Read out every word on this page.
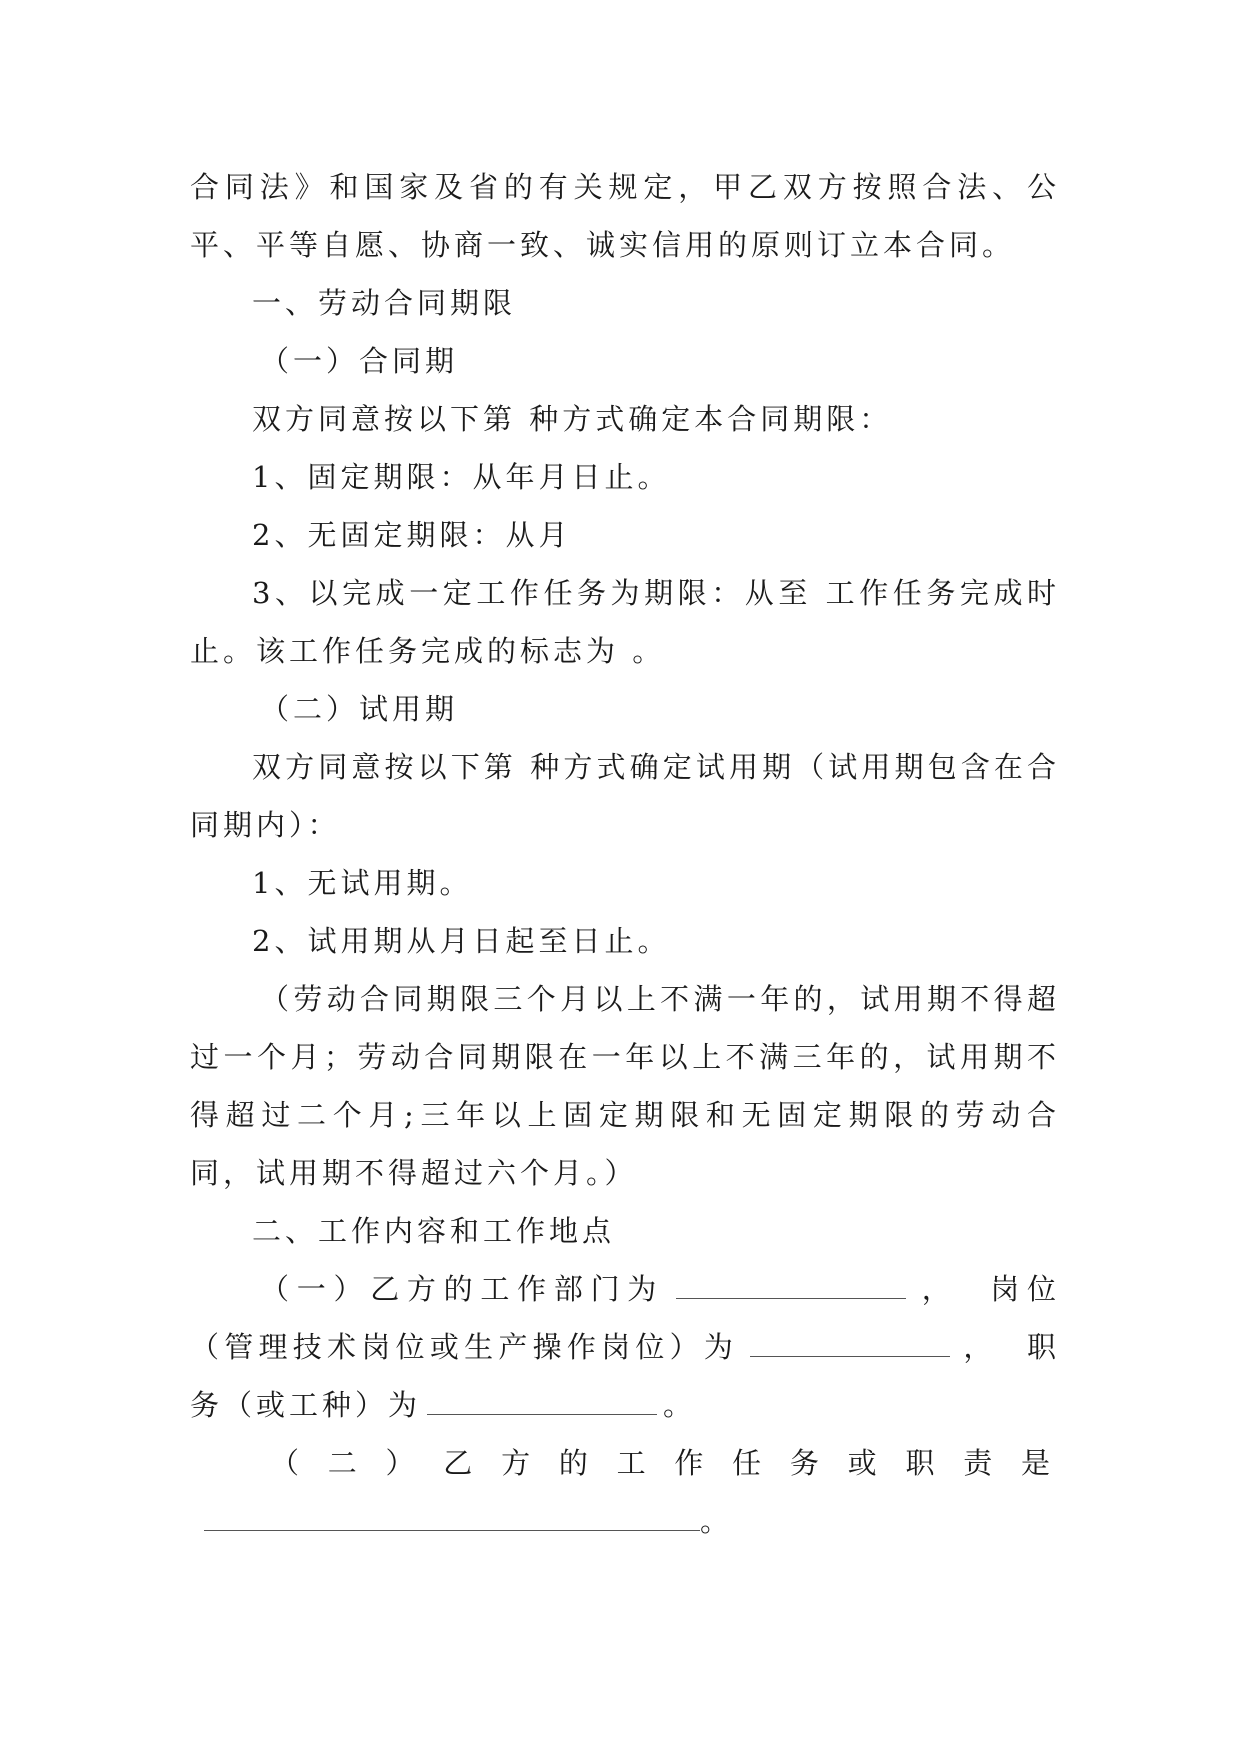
合同法》和国家及省的有关规定，甲乙双方按照合法、公平、平等自愿、协商一致、诚实信用的原则订立本合同。

一、劳动合同期限

（一）合同期

双方同意按以下第 种方式确定本合同期限：

1、固定期限：从年月日止。

2、无固定期限：从月

3、以完成一定工作任务为期限：从至 工作任务完成时止。该工作任务完成的标志为 。

（二）试用期

双方同意按以下第 种方式确定试用期（试用期包含在合同期内）：

1、无试用期。

2、试用期从月日起至日止。

（劳动合同期限三个月以上不满一年的，试用期不得超过一个月；劳动合同期限在一年以上不满三年的，试用期不得超过二个月;三年以上固定期限和无固定期限的劳动合同，试用期不得超过六个月。）

二、工作内容和工作地点

（一）乙方的工作部门为	， 岗位（管理技术岗位或生产操作岗位）为	， 职务（或工种）为	。

（二）乙方的工作任务或职责是。
